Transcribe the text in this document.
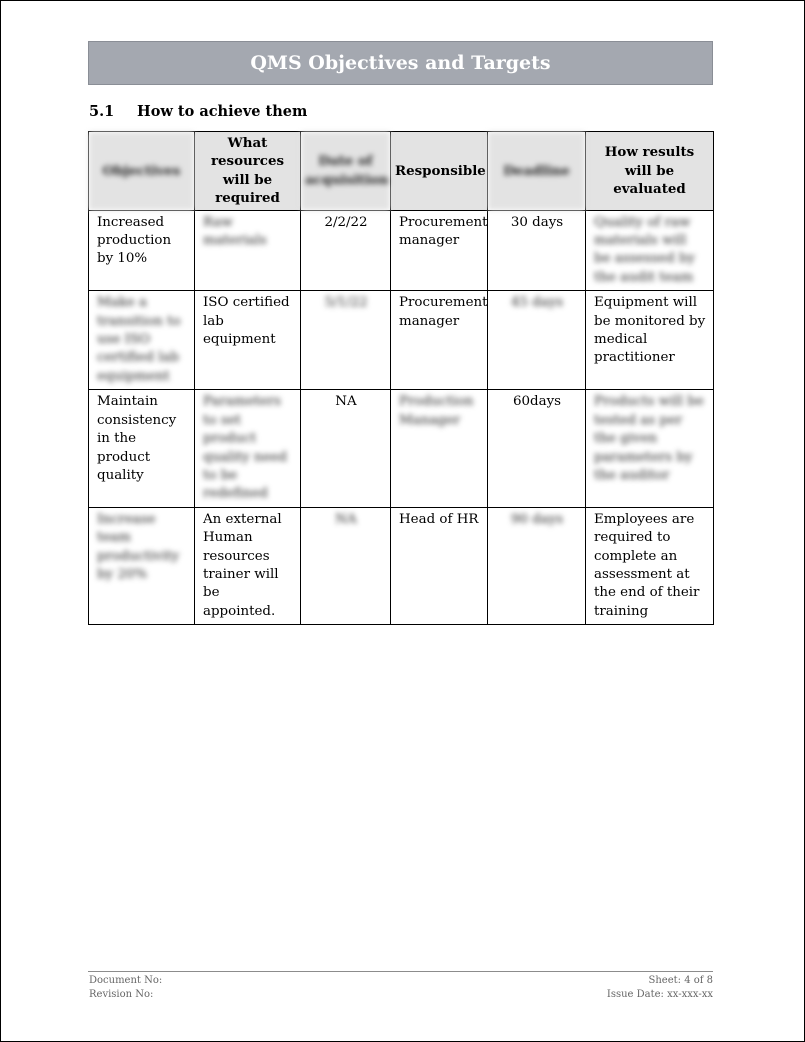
QMS Objectives and Targets
5.1 How to achieve them
Objectives	What resources will be required	Date of acquisition	Responsible	Deadline	How results will be evaluated
Increased production by 10%	Raw materials	2/2/22	Procurement manager	30 days	Quality of raw materials will be assessed by the audit team
Make a transition to use ISO certified lab equipment	ISO certified lab equipment	5/1/22	Procurement manager	45 days	Equipment will be monitored by medical practitioner
Maintain consistency in the product quality	Parameters to set product quality need to be redefined	NA	Production Manager	60days	Products will be tested as per the given parameters by the auditor
Increase team productivity by 20%	An external Human resources trainer will be appointed.	NA	Head of HR	90 days	Employees are required to complete an assessment at the end of their training
Document No:
Revision No:
Sheet: 4 of 8
Issue Date: xx-xxx-xx
